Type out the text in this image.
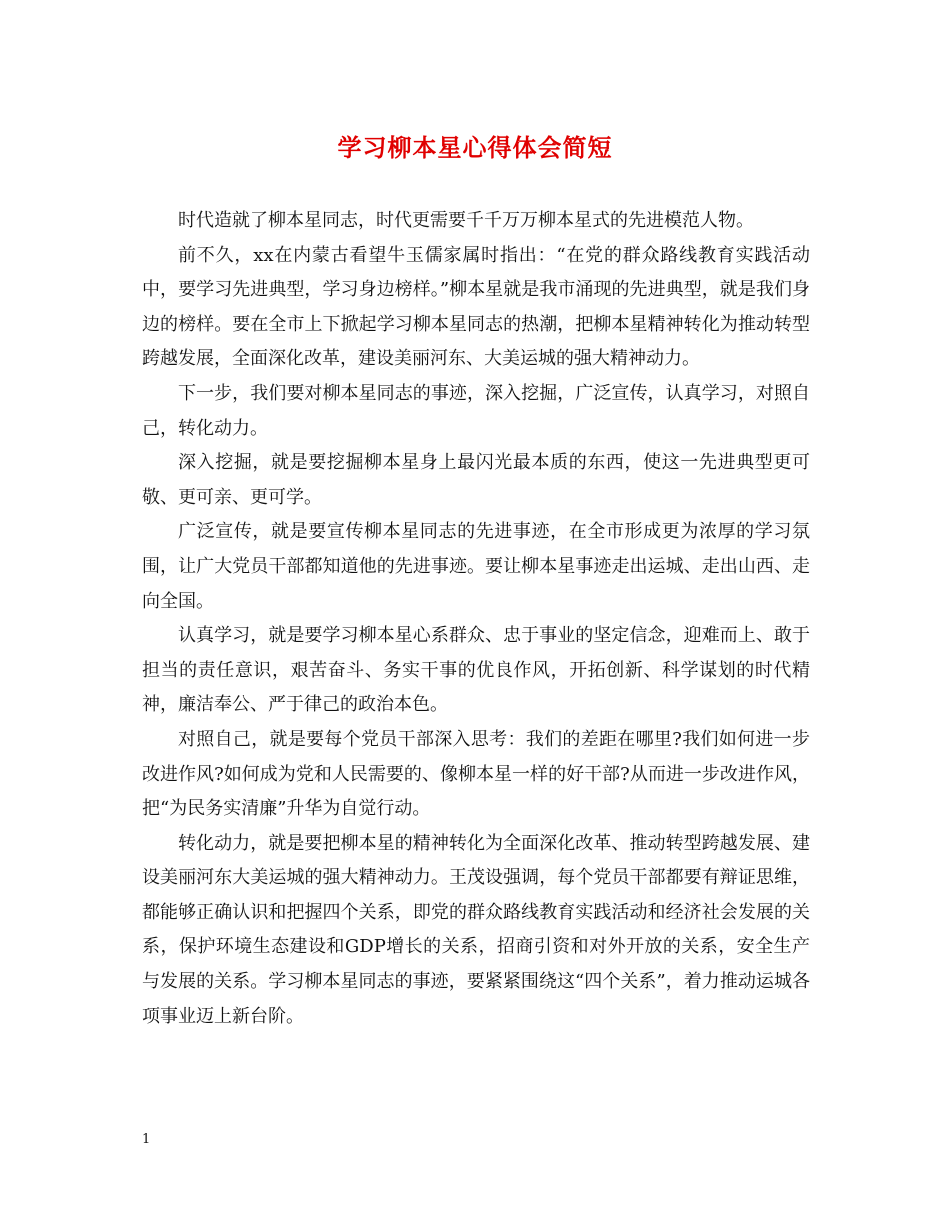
学习柳本星心得体会简短

时代造就了柳本星同志，时代更需要千千万万柳本星式的先进模范人物。

前不久，xx在内蒙古看望牛玉儒家属时指出：“在党的群众路线教育实践活动中，要学习先进典型，学习身边榜样。”柳本星就是我市涌现的先进典型，就是我们身边的榜样。要在全市上下掀起学习柳本星同志的热潮，把柳本星精神转化为推动转型跨越发展，全面深化改革，建设美丽河东、大美运城的强大精神动力。

下一步，我们要对柳本星同志的事迹，深入挖掘，广泛宣传，认真学习，对照自己，转化动力。

深入挖掘，就是要挖掘柳本星身上最闪光最本质的东西，使这一先进典型更可敬、更可亲、更可学。

广泛宣传，就是要宣传柳本星同志的先进事迹，在全市形成更为浓厚的学习氛围，让广大党员干部都知道他的先进事迹。要让柳本星事迹走出运城、走出山西、走向全国。

认真学习，就是要学习柳本星心系群众、忠于事业的坚定信念，迎难而上、敢于担当的责任意识，艰苦奋斗、务实干事的优良作风，开拓创新、科学谋划的时代精神，廉洁奉公、严于律己的政治本色。

对照自己，就是要每个党员干部深入思考：我们的差距在哪里?我们如何进一步改进作风?如何成为党和人民需要的、像柳本星一样的好干部?从而进一步改进作风，把“为民务实清廉”升华为自觉行动。

转化动力，就是要把柳本星的精神转化为全面深化改革、推动转型跨越发展、建设美丽河东大美运城的强大精神动力。王茂设强调，每个党员干部都要有辩证思维，都能够正确认识和把握四个关系，即党的群众路线教育实践活动和经济社会发展的关系，保护环境生态建设和GDP增长的关系，招商引资和对外开放的关系，安全生产与发展的关系。学习柳本星同志的事迹，要紧紧围绕这“四个关系”，着力推动运城各项事业迈上新台阶。

1
